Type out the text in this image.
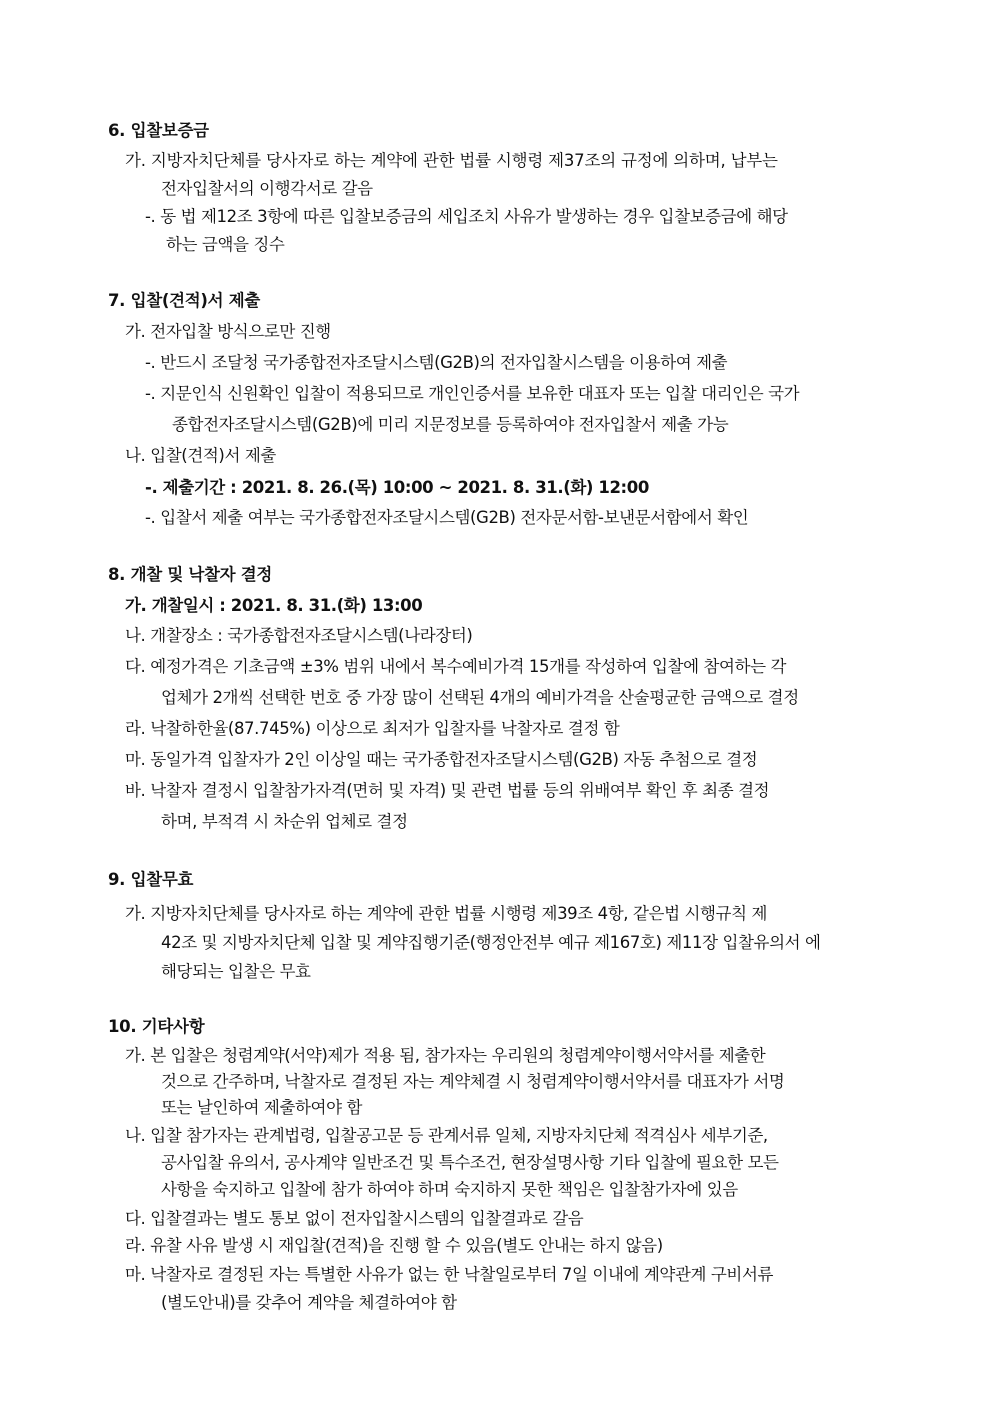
6. 입찰보증금
가. 지방자치단체를 당사자로 하는 계약에 관한 법률 시행령 제37조의 규정에 의하며, 납부는
전자입찰서의 이행각서로 갈음
-. 동 법 제12조 3항에 따른 입찰보증금의 세입조치 사유가 발생하는 경우 입찰보증금에 해당
하는 금액을 징수
7. 입찰(견적)서 제출
가. 전자입찰 방식으로만 진행
-. 반드시 조달청 국가종합전자조달시스템(G2B)의 전자입찰시스템을 이용하여 제출
-. 지문인식 신원확인 입찰이 적용되므로 개인인증서를 보유한 대표자 또는 입찰 대리인은 국가
종합전자조달시스템(G2B)에 미리 지문정보를 등록하여야 전자입찰서 제출 가능
나. 입찰(견적)서 제출
-. 제출기간 : 2021. 8. 26.(목) 10:00 ~ 2021. 8. 31.(화) 12:00
-. 입찰서 제출 여부는 국가종합전자조달시스템(G2B) 전자문서함-보낸문서함에서 확인
8. 개찰 및 낙찰자 결정
가. 개찰일시 : 2021. 8. 31.(화) 13:00
나. 개찰장소 : 국가종합전자조달시스템(나라장터)
다. 예정가격은 기초금액 ±3% 범위 내에서 복수예비가격 15개를 작성하여 입찰에 참여하는 각
업체가 2개씩 선택한 번호 중 가장 많이 선택된 4개의 예비가격을 산술평균한 금액으로 결정
라. 낙찰하한율(87.745%) 이상으로 최저가 입찰자를 낙찰자로 결정 함
마. 동일가격 입찰자가 2인 이상일 때는 국가종합전자조달시스템(G2B) 자동 추첨으로 결정
바. 낙찰자 결정시 입찰참가자격(면허 및 자격) 및 관련 법률 등의 위배여부 확인 후 최종 결정
하며, 부적격 시 차순위 업체로 결정
9. 입찰무효
가. 지방자치단체를 당사자로 하는 계약에 관한 법률 시행령 제39조 4항, 같은법 시행규칙 제
42조 및 지방자치단체 입찰 및 계약집행기준(행정안전부 예규 제167호) 제11장 입찰유의서 에
해당되는 입찰은 무효
10. 기타사항
가. 본 입찰은 청렴계약(서약)제가 적용 됨, 참가자는 우리원의 청렴계약이행서약서를 제출한
것으로 간주하며, 낙찰자로 결정된 자는 계약체결 시 청렴계약이행서약서를 대표자가 서명
또는 날인하여 제출하여야 함
나. 입찰 참가자는 관계법령, 입찰공고문 등 관계서류 일체, 지방자치단체 적격심사 세부기준,
공사입찰 유의서, 공사계약 일반조건 및 특수조건, 현장설명사항 기타 입찰에 필요한 모든
사항을 숙지하고 입찰에 참가 하여야 하며 숙지하지 못한 책임은 입찰참가자에 있음
다. 입찰결과는 별도 통보 없이 전자입찰시스템의 입찰결과로 갈음
라. 유찰 사유 발생 시 재입찰(견적)을 진행 할 수 있음(별도 안내는 하지 않음)
마. 낙찰자로 결정된 자는 특별한 사유가 없는 한 낙찰일로부터 7일 이내에 계약관계 구비서류
(별도안내)를 갖추어 계약을 체결하여야 함
